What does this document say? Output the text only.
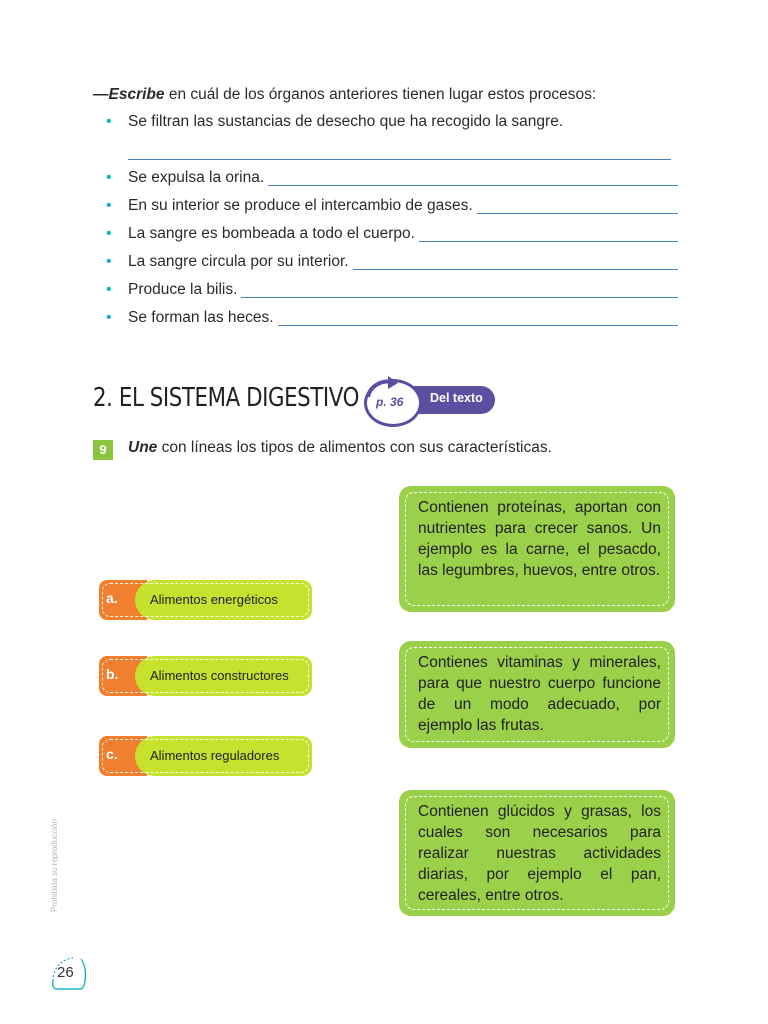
—Escribe en cuál de los órganos anteriores tienen lugar estos procesos:
• Se filtran las sustancias de desecho que ha recogido la sangre.
• Se expulsa la orina.
• En su interior se produce el intercambio de gases.
• La sangre es bombeada a todo el cuerpo.
• La sangre circula por su interior.
• Produce la bilis.
• Se forman las heces.
2. EL SISTEMA DIGESTIVO	Del texto
p. 36
9	Une con líneas los tipos de alimentos con sus características.
a. Alimentos energéticos
b. Alimentos constructores
c. Alimentos reguladores

Contienen proteínas, aportan con nutrientes para crecer sanos. Un ejemplo es la carne, el pesacdo, las legumbres, huevos, entre otros.

Contienes vitaminas y minerales, para que nuestro cuerpo funcione de un modo adecuado, por ejemplo las frutas.

Contienen glúcidos y grasas, los cuales son necesarios para realizar nuestras actividades diarias, por ejemplo el pan, cereales, entre otros.

Prohibida su reproducción
26
